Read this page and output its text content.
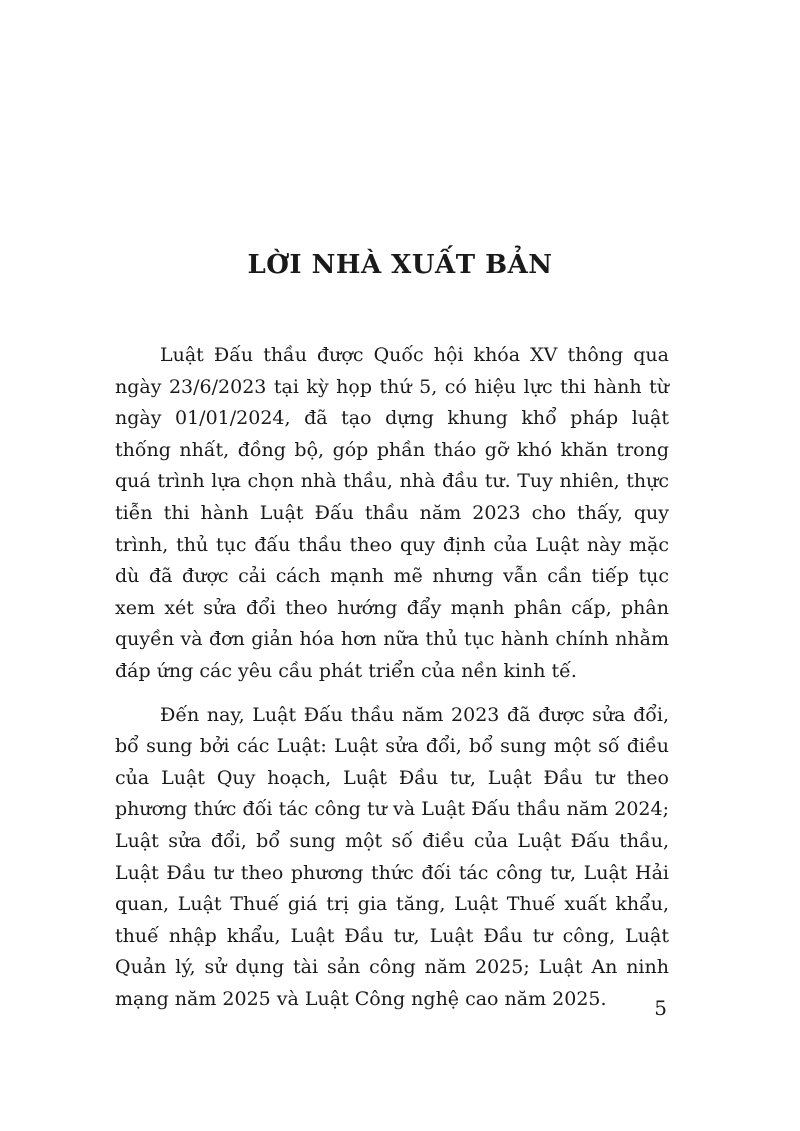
LỜI NHÀ XUẤT BẢN

Luật Đấu thầu được Quốc hội khóa XV thông qua ngày 23/6/2023 tại kỳ họp thứ 5, có hiệu lực thi hành từ ngày 01/01/2024, đã tạo dựng khung khổ pháp luật thống nhất, đồng bộ, góp phần tháo gỡ khó khăn trong quá trình lựa chọn nhà thầu, nhà đầu tư. Tuy nhiên, thực tiễn thi hành Luật Đấu thầu năm 2023 cho thấy, quy trình, thủ tục đấu thầu theo quy định của Luật này mặc dù đã được cải cách mạnh mẽ nhưng vẫn cần tiếp tục xem xét sửa đổi theo hướng đẩy mạnh phân cấp, phân quyền và đơn giản hóa hơn nữa thủ tục hành chính nhằm đáp ứng các yêu cầu phát triển của nền kinh tế.

Đến nay, Luật Đấu thầu năm 2023 đã được sửa đổi, bổ sung bởi các Luật: Luật sửa đổi, bổ sung một số điều của Luật Quy hoạch, Luật Đầu tư, Luật Đầu tư theo phương thức đối tác công tư và Luật Đấu thầu năm 2024; Luật sửa đổi, bổ sung một số điều của Luật Đấu thầu, Luật Đầu tư theo phương thức đối tác công tư, Luật Hải quan, Luật Thuế giá trị gia tăng, Luật Thuế xuất khẩu, thuế nhập khẩu, Luật Đầu tư, Luật Đầu tư công, Luật Quản lý, sử dụng tài sản công năm 2025; Luật An ninh mạng năm 2025 và Luật Công nghệ cao năm 2025.	5
